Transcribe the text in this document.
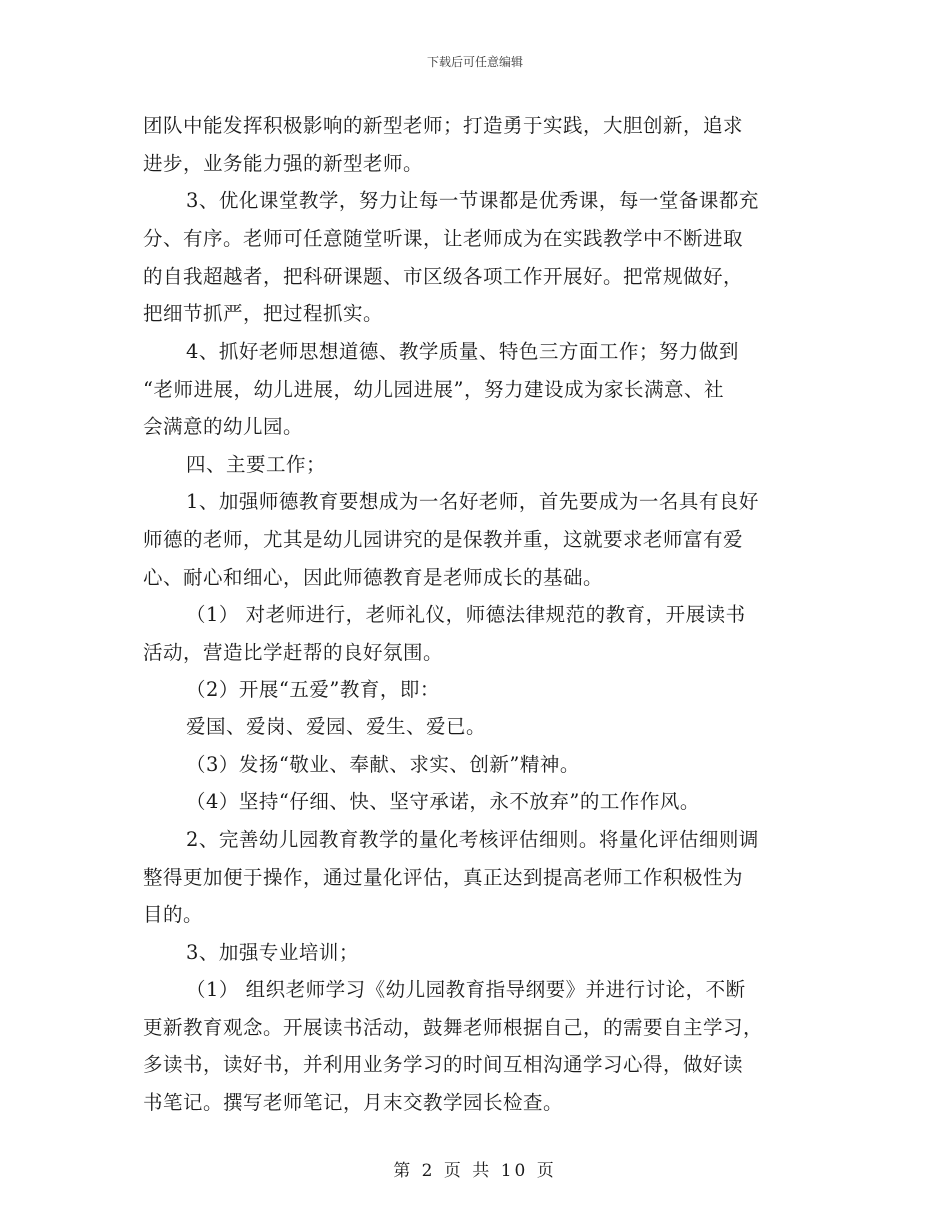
下载后可任意编辑
团队中能发挥积极影响的新型老师；打造勇于实践，大胆创新，追求
进步，业务能力强的新型老师。
3、优化课堂教学，努力让每一节课都是优秀课，每一堂备课都充
分、有序。老师可任意随堂听课，让老师成为在实践教学中不断进取
的自我超越者，把科研课题、市区级各项工作开展好。把常规做好，
把细节抓严，把过程抓实。
4、抓好老师思想道德、教学质量、特色三方面工作；努力做到
“老师进展，幼儿进展，幼儿园进展”，努力建设成为家长满意、社
会满意的幼儿园。
四、主要工作；
1、加强师德教育要想成为一名好老师，首先要成为一名具有良好
师德的老师，尤其是幼儿园讲究的是保教并重，这就要求老师富有爱
心、耐心和细心，因此师德教育是老师成长的基础。
（1） 对老师进行，老师礼仪，师德法律规范的教育，开展读书
活动，营造比学赶帮的良好氛围。
（2）开展“五爱”教育，即：
爱国、爱岗、爱园、爱生、爱已。
（3）发扬“敬业、奉献、求实、创新”精神。
（4）坚持“仔细、快、坚守承诺，永不放弃”的工作作风。
2、完善幼儿园教育教学的量化考核评估细则。将量化评估细则调
整得更加便于操作，通过量化评估，真正达到提高老师工作积极性为
目的。
3、加强专业培训；
（1） 组织老师学习《幼儿园教育指导纲要》并进行讨论，不断
更新教育观念。开展读书活动，鼓舞老师根据自己，的需要自主学习，
多读书，读好书，并利用业务学习的时间互相沟通学习心得，做好读
书笔记。撰写老师笔记，月末交教学园长检查。
第 2 页 共 10 页
